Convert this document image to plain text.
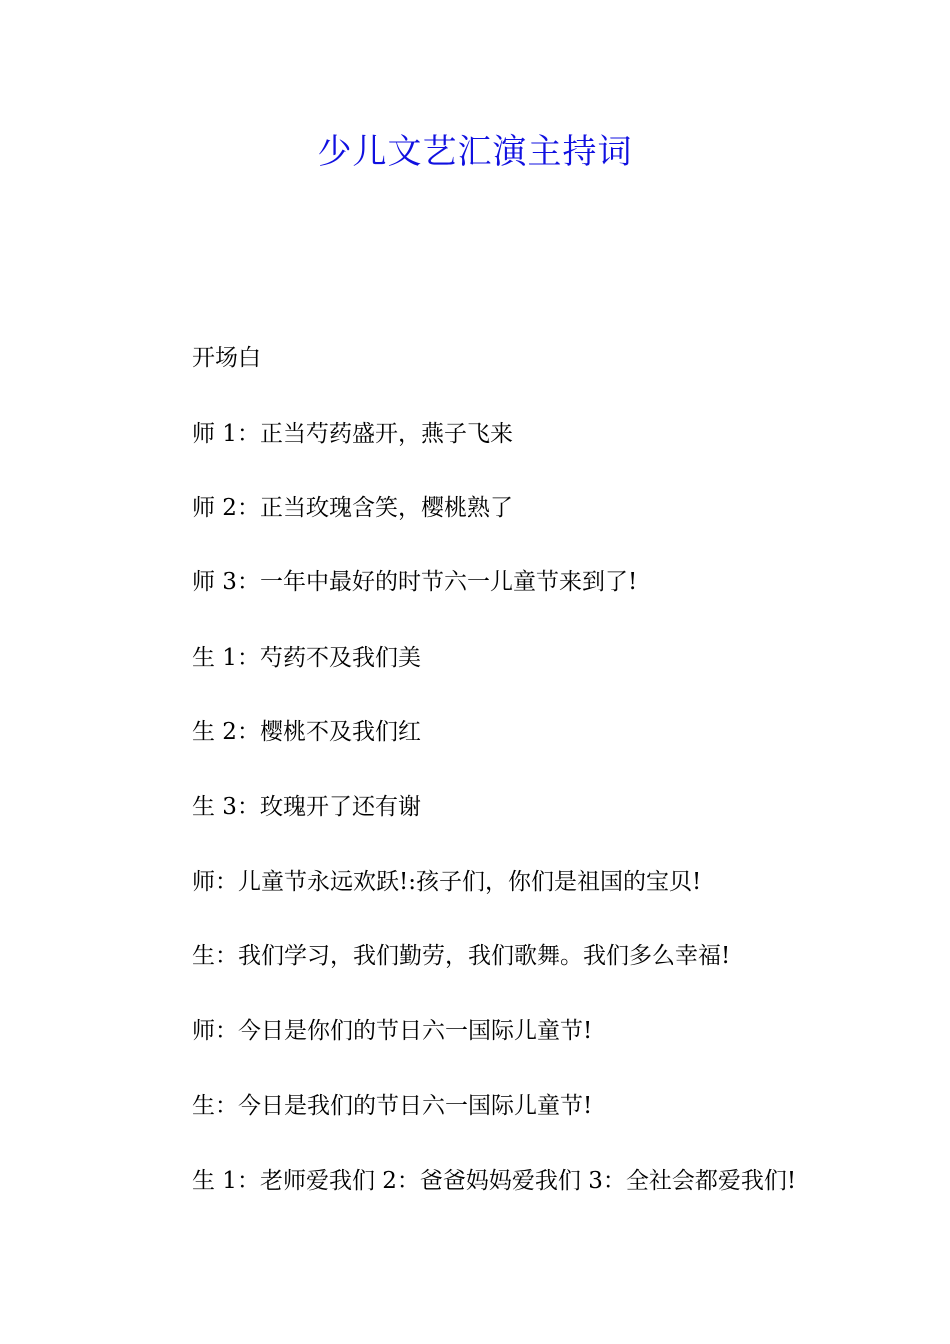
少儿文艺汇演主持词

开场白

师 1：正当芍药盛开，燕子飞来

师 2：正当玫瑰含笑，樱桃熟了

师 3：一年中最好的时节六一儿童节来到了!

生 1：芍药不及我们美

生 2：樱桃不及我们红

生 3：玫瑰开了还有谢

师：儿童节永远欢跃!:孩子们，你们是祖国的宝贝!

生：我们学习，我们勤劳，我们歌舞。我们多么幸福!

师：今日是你们的节日六一国际儿童节!

生：今日是我们的节日六一国际儿童节!

生 1：老师爱我们 2：爸爸妈妈爱我们 3：全社会都爱我们!
